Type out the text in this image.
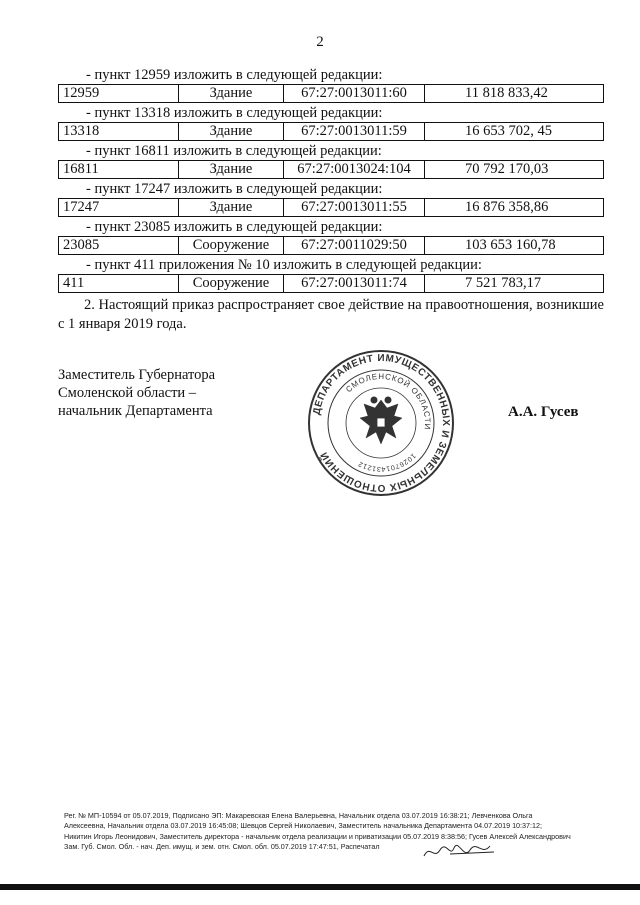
2
- пункт 12959 изложить в следующей редакции:
12959	Здание	67:27:0013011:60	11 818 833,42
- пункт 13318 изложить в следующей редакции:
13318	Здание	67:27:0013011:59	16 653 702, 45
- пункт 16811 изложить в следующей редакции:
16811	Здание	67:27:0013024:104	70 792 170,03
- пункт 17247 изложить в следующей редакции:
17247	Здание	67:27:0013011:55	16 876 358,86
- пункт 23085 изложить в следующей редакции:
23085	Сооружение	67:27:0011029:50	103 653 160,78
- пункт 411 приложения № 10 изложить в следующей редакции:
411	Сооружение	67:27:0013011:74	7 521 783,17
2. Настоящий приказ распространяет свое действие на правоотношения, возникшие с 1 января 2019 года.
Заместитель Губернатора
Смоленской области –
начальник Департамента	ДЕПАРТАМЕНТ ИМУЩЕСТВЕННЫХ И ЗЕМЕЛЬНЫХ ОТНОШЕНИЙ
СМОЛЕНСКОЙ ОБЛАСТИ
1026701431212
А.А. Гусев
Рег. № МП-10594 от 05.07.2019, Подписано ЭП: Макаревская Елена Валерьевна, Начальник отдела 03.07.2019 16:38:21; Левченкова Ольга
Алексеевна, Начальник отдела 03.07.2019 16:45:08; Шевцов Сергей Николаевич, Заместитель начальника Департамента 04.07.2019 10:37:12;
Никитин Игорь Леонидович, Заместитель директора - начальник отдела реализации и приватизации 05.07.2019 8:38:56; Гусев Алексей Александрович
Зам. Губ. Смол. Обл. - нач. Деп. имущ. и зем. отн. Смол. обл. 05.07.2019 17:47:51, Распечатал
